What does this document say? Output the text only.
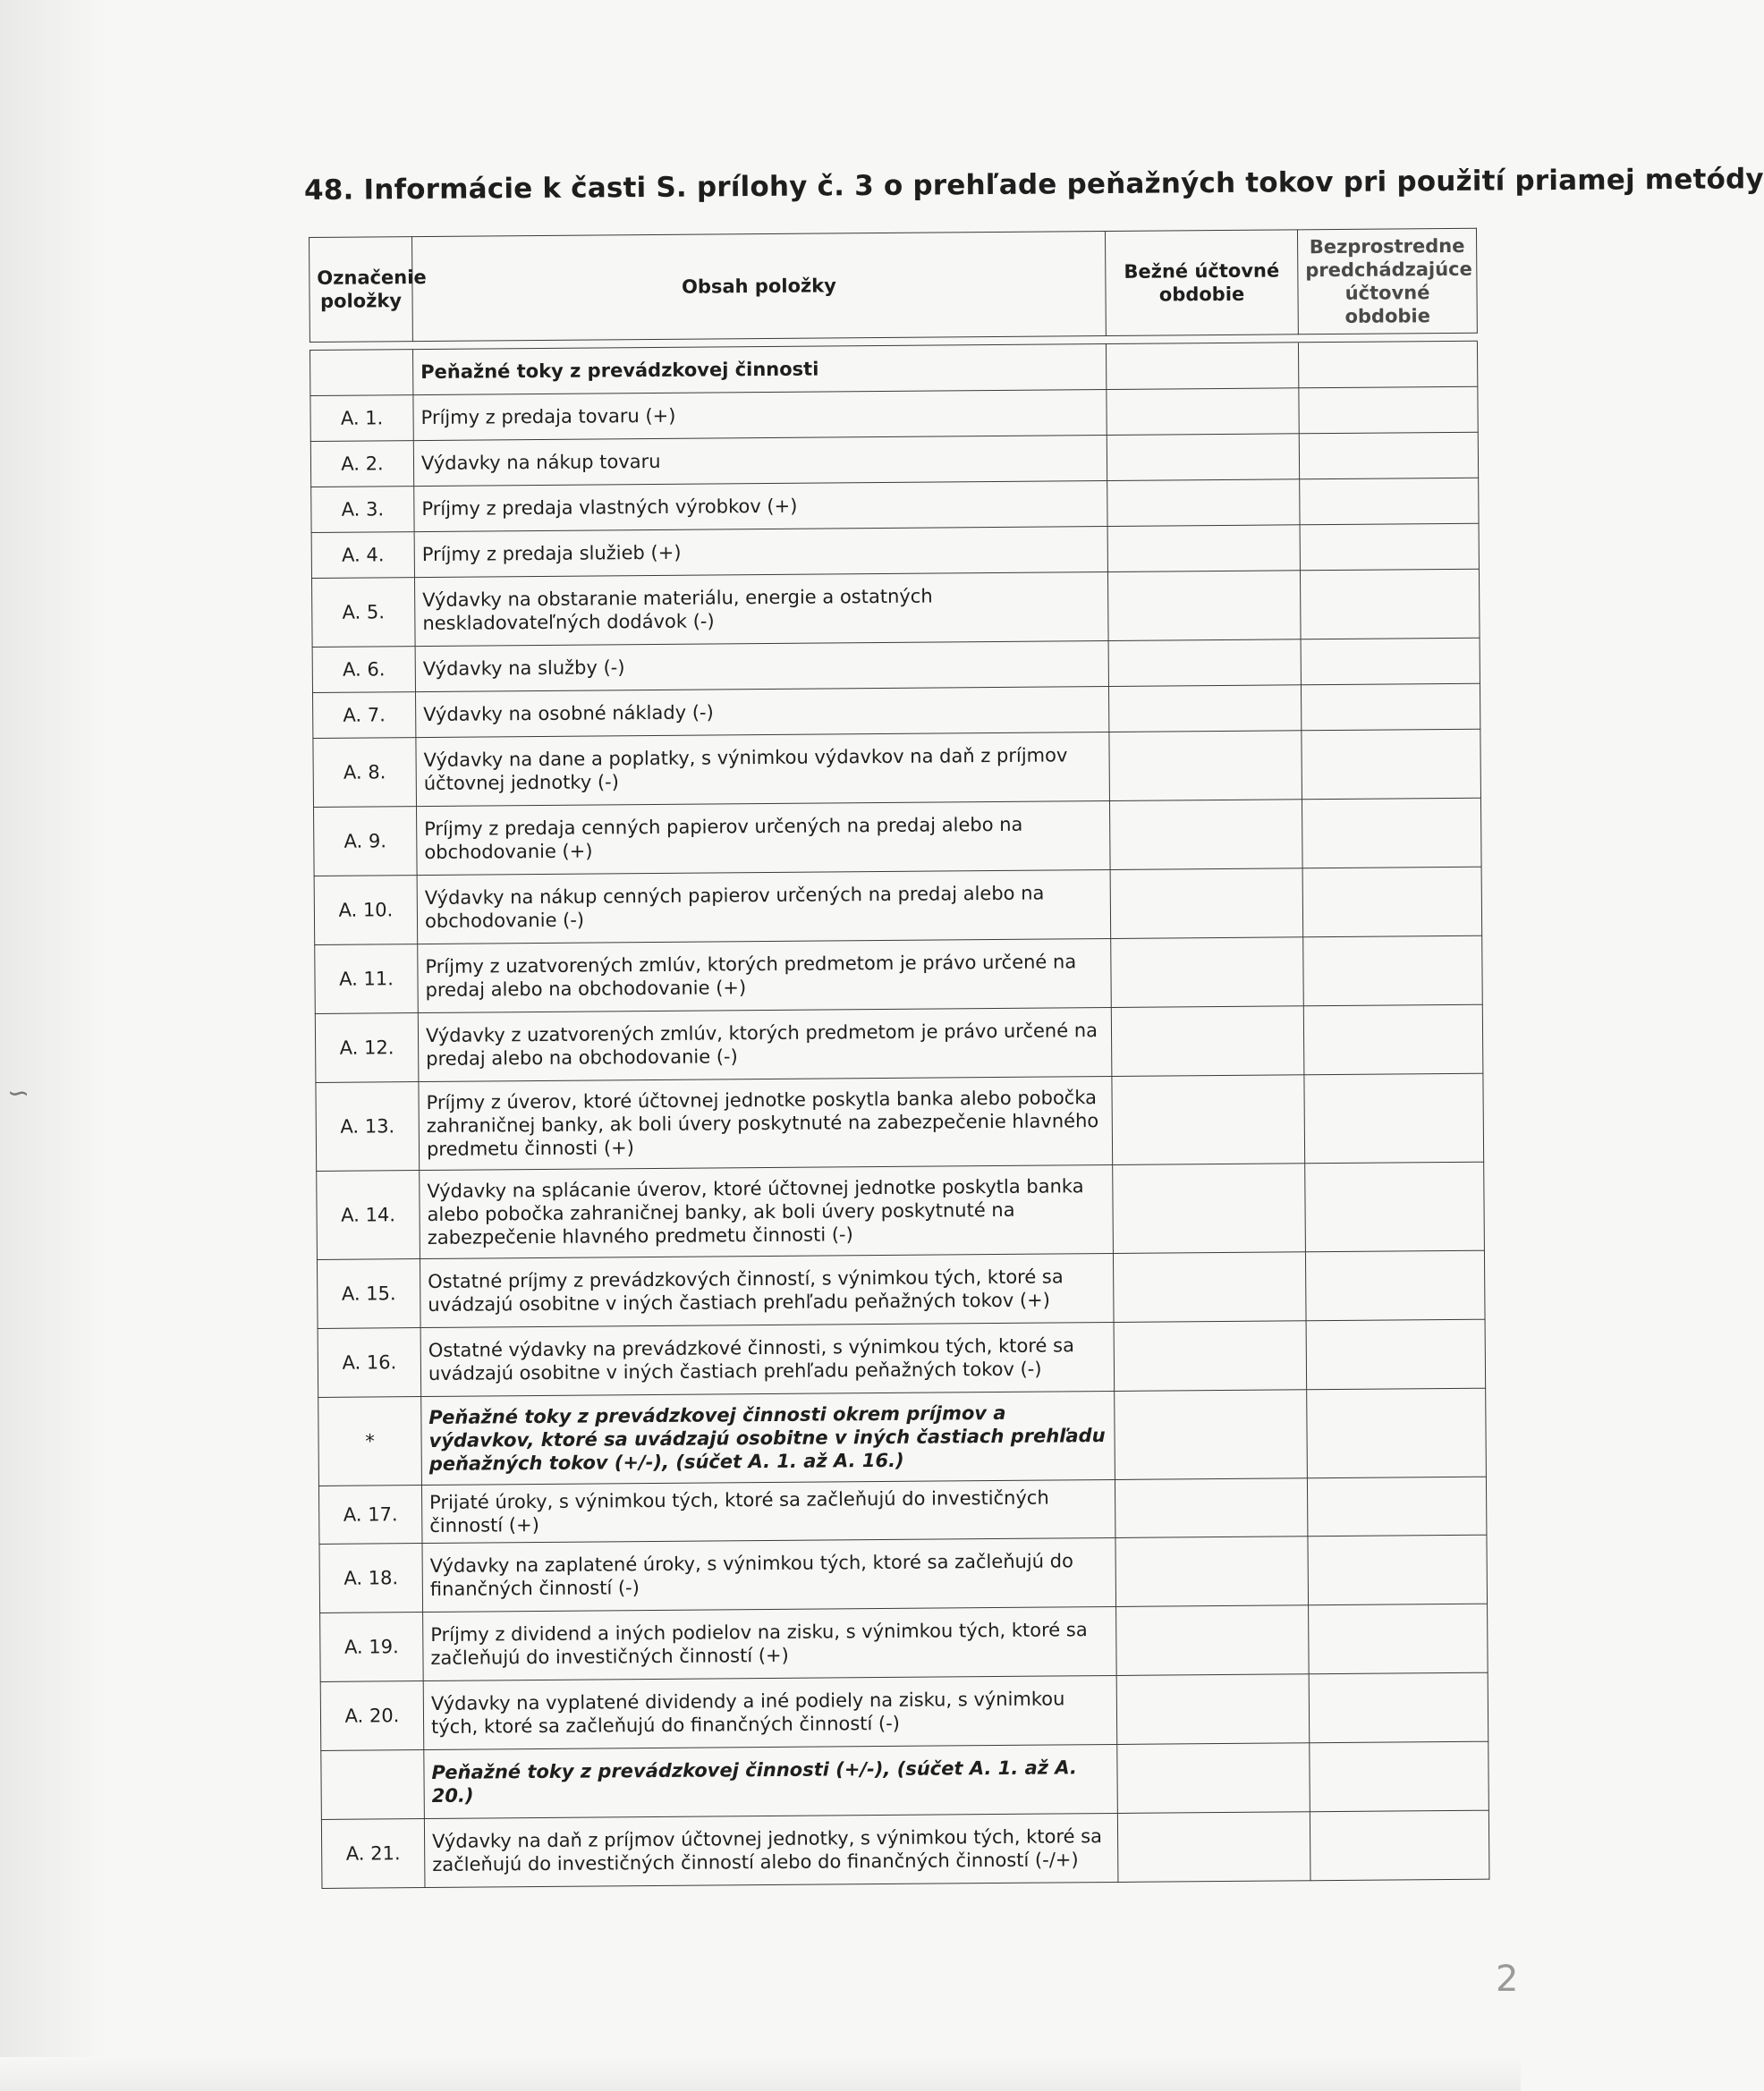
48. Informácie k časti S. prílohy č. 3 o prehľade peňažných tokov pri použití priamej metódy
Označenie položky	Obsah položky	Bežné účtovné obdobie	Bezprostredne predchádzajúce účtovné obdobie

	Peňažné toky z prevádzkovej činnosti		
A. 1.	Príjmy z predaja tovaru (+)		
A. 2.	Výdavky na nákup tovaru		
A. 3.	Príjmy z predaja vlastných výrobkov (+)		
A. 4.	Príjmy z predaja služieb (+)		
A. 5.	Výdavky na obstaranie materiálu, energie a ostatných neskladovateľných dodávok (-)		
A. 6.	Výdavky na služby (-)		
A. 7.	Výdavky na osobné náklady (-)		
A. 8.	Výdavky na dane a poplatky, s výnimkou výdavkov na daň z príjmov účtovnej jednotky (-)		
A. 9.	Príjmy z predaja cenných papierov určených na predaj alebo na obchodovanie (+)		
A. 10.	Výdavky na nákup cenných papierov určených na predaj alebo na obchodovanie (-)		
A. 11.	Príjmy z uzatvorených zmlúv, ktorých predmetom je právo určené na predaj alebo na obchodovanie (+)		
A. 12.	Výdavky z uzatvorených zmlúv, ktorých predmetom je právo určené na predaj alebo na obchodovanie (-)		
A. 13.	Príjmy z úverov, ktoré účtovnej jednotke poskytla banka alebo pobočka zahraničnej banky, ak boli úvery poskytnuté na zabezpečenie hlavného predmetu činnosti (+)		
A. 14.	Výdavky na splácanie úverov, ktoré účtovnej jednotke poskytla banka alebo pobočka zahraničnej banky, ak boli úvery poskytnuté na zabezpečenie hlavného predmetu činnosti (-)		
A. 15.	Ostatné príjmy z prevádzkových činností, s výnimkou tých, ktoré sa uvádzajú osobitne v iných častiach prehľadu peňažných tokov (+)		
A. 16.	Ostatné výdavky na prevádzkové činnosti, s výnimkou tých, ktoré sa uvádzajú osobitne v iných častiach prehľadu peňažných tokov (-)		
*	Peňažné toky z prevádzkovej činnosti okrem príjmov a výdavkov, ktoré sa uvádzajú osobitne v iných častiach prehľadu peňažných tokov (+/-), (súčet A. 1. až A. 16.)		
A. 17.	Prijaté úroky, s výnimkou tých, ktoré sa začleňujú do investičných činností (+)		
A. 18.	Výdavky na zaplatené úroky, s výnimkou tých, ktoré sa začleňujú do finančných činností (-)		
A. 19.	Príjmy z dividend a iných podielov na zisku, s výnimkou tých, ktoré sa začleňujú do investičných činností (+)		
A. 20.	Výdavky na vyplatené dividendy a iné podiely na zisku, s výnimkou tých, ktoré sa začleňujú do finančných činností (-)		
	Peňažné toky z prevádzkovej činnosti (+/-), (súčet A. 1. až A. 20.)		
A. 21.	Výdavky na daň z príjmov účtovnej jednotky, s výnimkou tých, ktoré sa začleňujú do investičných činností alebo do finančných činností (-/+)		
∽
2
